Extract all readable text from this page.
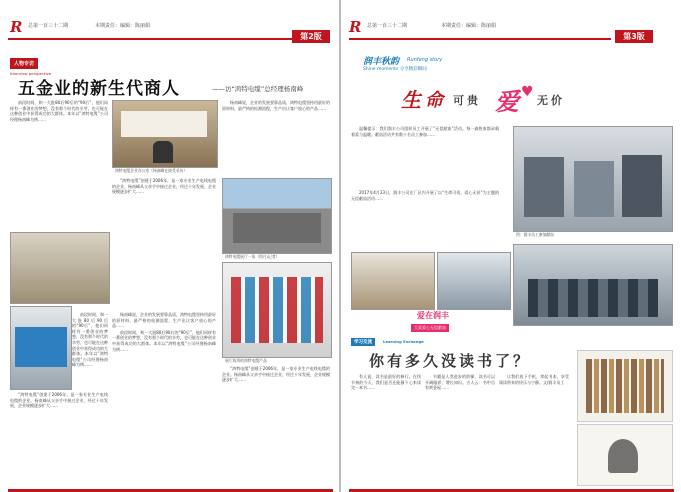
R 总第一百三十二期	本期责任：编辑：陈丽娟
第2版
人物专访
Interview perspective
五金业的新生代商人	——访“鸿特电缆”总经理杨南峰

前段时间，和一大批80后90后的“90后”，他们同样有一番创业的梦想，没有那个时代的辛劳，也可能在这种创业中获得成功的大群体。本年以“鸿特电缆”公司经理杨南峰为例……

鸿特电缆企业办公室（杨南峰在接受采访）

杨南峰说，企业的发展要靠品质，鸿特电缆坚持用最好的原材料、最严格的检测流程，生产出让客户放心的产品……

鸿特电缆展厅一角（图片/记者）

“鸿特电缆”创建于2006年，是一家专业生产电线电缆的企业。杨南峰从父亲手中接过企业，经过十年发展，企业规模逐步扩大……

前段时间，和一大批80后90后的“90后”，他们同样有一番创业的梦想，没有那个时代的辛劳，也可能在这种创业中获得成功的大群体。本年以“鸿特电缆”公司经理杨南峰为例……

展厅陈列的鸿特电缆产品

“鸿特电缆”创建于2006年，是一家专业生产电线电缆的企业。杨南峰从父亲手中接过企业，经过十年发展，企业规模逐步扩大……

杨南峰说，企业的发展要靠品质，鸿特电缆坚持用最好的原材料、最严格的检测流程，生产出让客户放心的产品……

前段时间，和一大批80后90后的“90后”，他们同样有一番创业的梦想，没有那个时代的辛劳，也可能在这种创业中获得成功的大群体。本年以“鸿特电缆”公司经理杨南峰为例……

“鸿特电缆”创建于2006年，是一家专业生产电线电缆的企业。杨南峰从父亲手中接过企业，经过十年发展，企业规模逐步扩大……

R 总第一百三十二期	本期责任：编辑：陈丽娟
第3版
润丰秋韵 Runfeng story
Shine moments 分享精彩瞬间
生 命 可 贵 爱 ♥
无 价

温馨提示：我们润丰公司组织员工开展了“无偿献血”活动。每一滴热血都承载着爱与温暖。献血活动共有数十名员工参加……

图：润丰员工参加献血

2017年4月23日，润丰公司在厂区内开展了以“生命可贵、爱心无价”为主题的无偿献血活动……

爱在润丰
大爱爱心无偿献血
学习交流	Learning Exchange
你有多久没读书了？

有人说，读书是最好的修行。在快节奏的今天，我们是否还能静下心来读完一本书……

书籍是人类进步的阶梯，读书可以开阔眼界，增长知识。古人云：书中自有黄金屋……

让我们放下手机，拿起书本，享受阅读带来的快乐与宁静。文/润丰员工
